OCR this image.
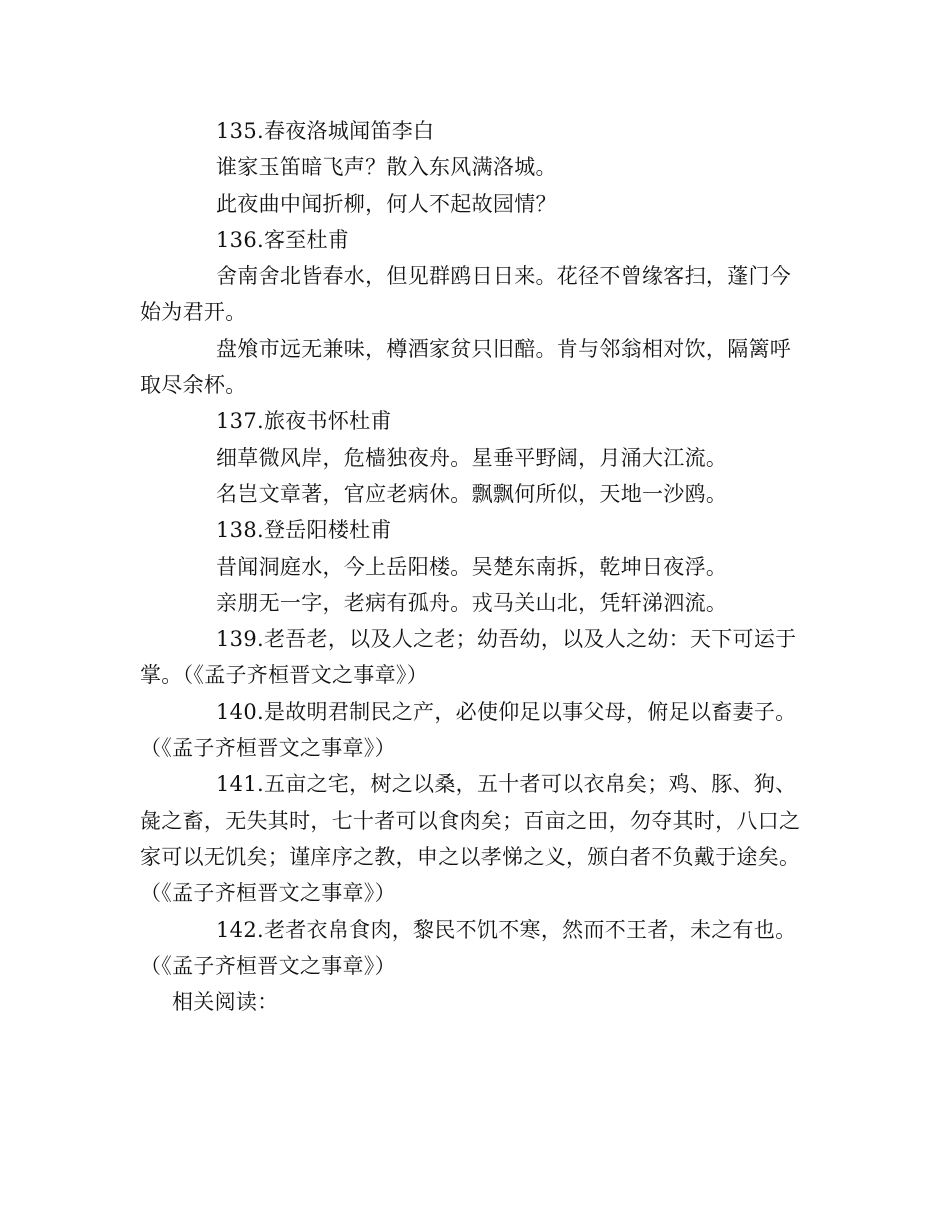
135.春夜洛城闻笛李白
谁家玉笛暗飞声？散入东风满洛城。
此夜曲中闻折柳，何人不起故园情？
136.客至杜甫
舍南舍北皆春水，但见群鸥日日来。花径不曾缘客扫，蓬门今
始为君开。
盘飧市远无兼味，樽酒家贫只旧醅。肯与邻翁相对饮，隔篱呼
取尽余杯。
137.旅夜书怀杜甫
细草微风岸，危樯独夜舟。星垂平野阔，月涌大江流。
名岂文章著，官应老病休。飘飘何所似，天地一沙鸥。
138.登岳阳楼杜甫
昔闻洞庭水，今上岳阳楼。吴楚东南拆，乾坤日夜浮。
亲朋无一字，老病有孤舟。戎马关山北，凭轩涕泗流。
139.老吾老，以及人之老；幼吾幼，以及人之幼：天下可运于
掌。（《孟子齐桓晋文之事章》）
140.是故明君制民之产，必使仰足以事父母，俯足以畜妻子。
（《孟子齐桓晋文之事章》）
141.五亩之宅，树之以桑，五十者可以衣帛矣；鸡、豚、狗、
彘之畜，无失其时，七十者可以食肉矣；百亩之田，勿夺其时，八口之
家可以无饥矣；谨庠序之教，申之以孝悌之义，颁白者不负戴于途矣。
（《孟子齐桓晋文之事章》）
142.老者衣帛食肉，黎民不饥不寒，然而不王者，未之有也。
（《孟子齐桓晋文之事章》）
相关阅读：
